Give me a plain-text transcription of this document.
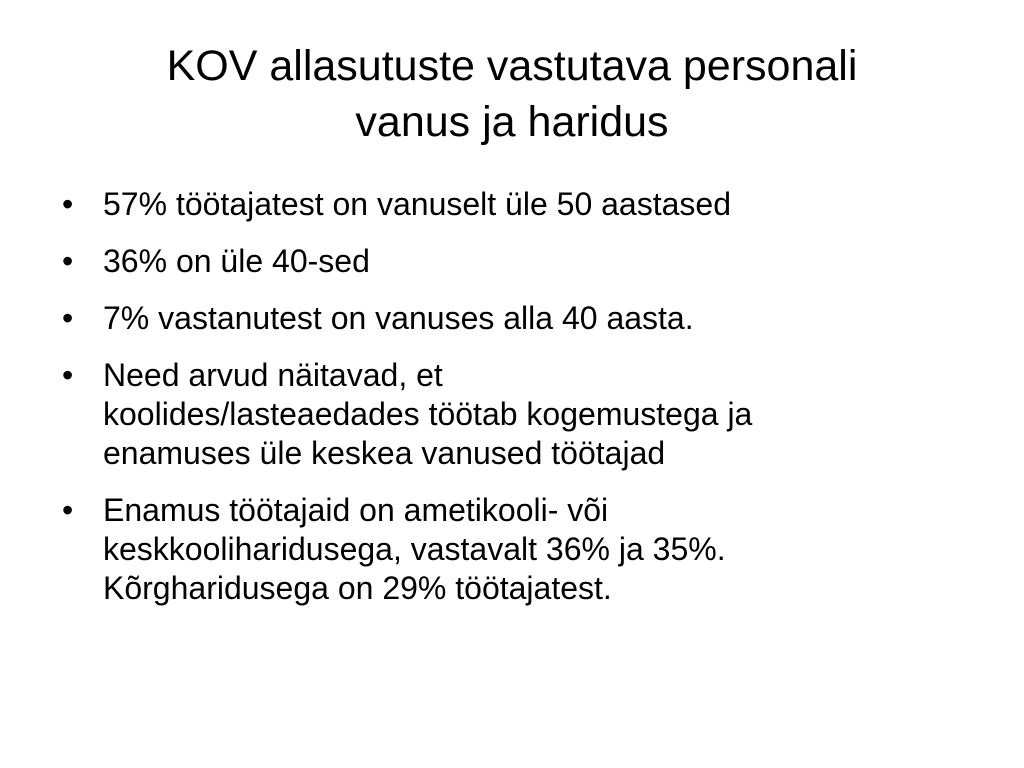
KOV allasutuste vastutava personali
vanus ja haridus
• 57% töötajatest on vanuselt üle 50 aastased
• 36% on üle 40-sed
• 7% vastanutest on vanuses alla 40 aasta.
• Need arvud näitavad, et
koolides/lasteaedades töötab kogemustega ja
enamuses üle keskea vanused töötajad
• Enamus töötajaid on ametikooli- või
keskkooliharidusega, vastavalt 36% ja 35%.
Kõrgharidusega on 29% töötajatest.
